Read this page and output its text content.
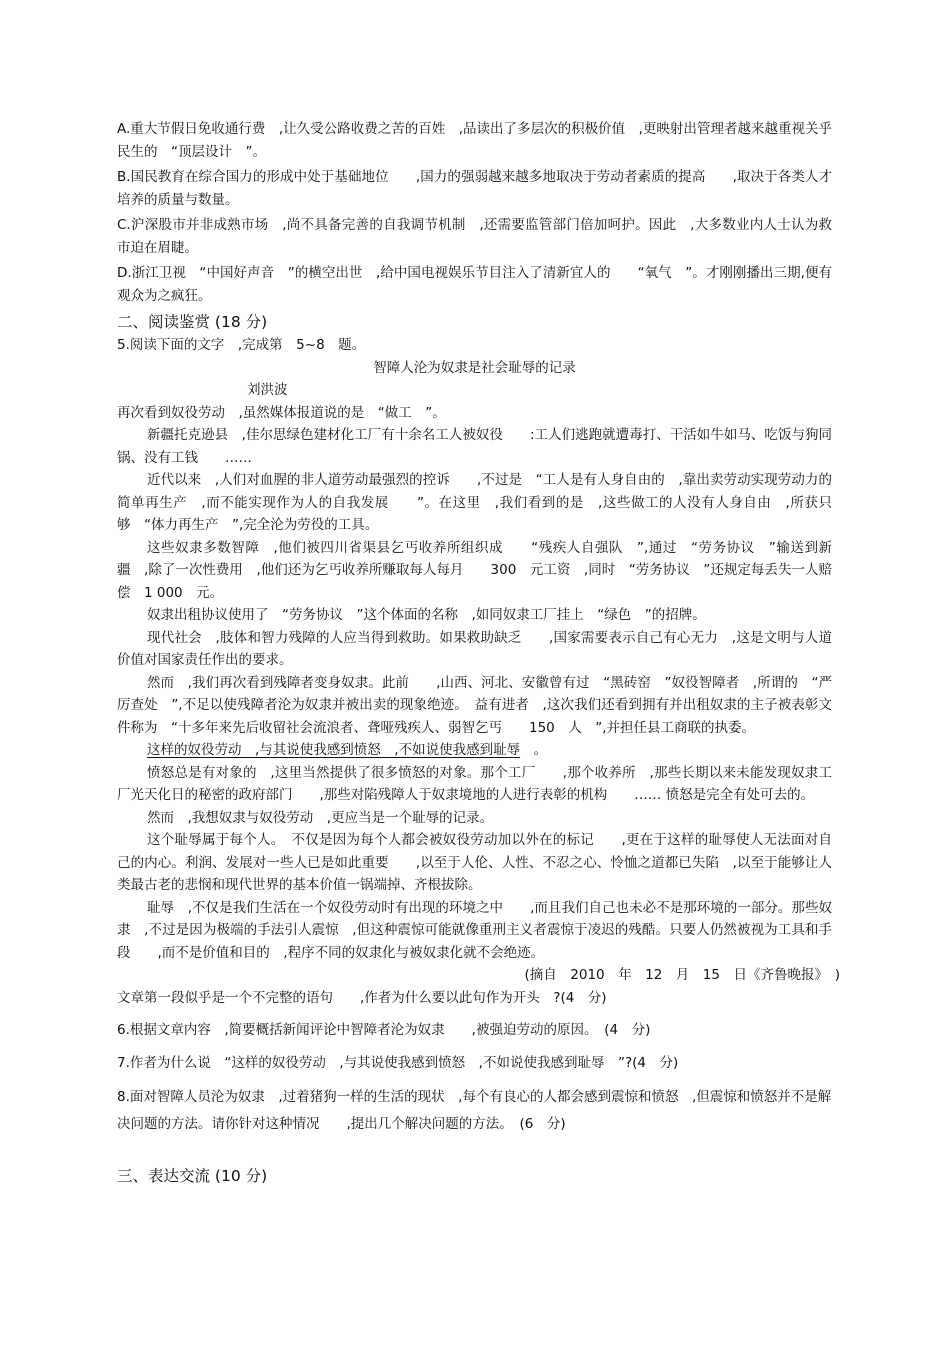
A.重大节假日免收通行费　,让久受公路收费之苦的百姓　,品读出了多层次的积极价值　,更映射出管理者越来越重视关乎民生的　“顶层设计　”。

B.国民教育在综合国力的形成中处于基础地位　　,国力的强弱越来越多地取决于劳动者素质的提高　　,取决于各类人才培养的质量与数量。

C.沪深股市并非成熟市场　,尚不具备完善的自我调节机制　,还需要监管部门倍加呵护。因此　,大多数业内人士认为救市迫在眉睫。

D.浙江卫视　“中国好声音　”的横空出世　,给中国电视娱乐节目注入了清新宜人的　　“氧气　”。才刚刚播出三期,便有观众为之疯狂。

二、阅读鉴赏 (18 分)

5.阅读下面的文字　,完成第　5~8　题。

智障人沦为奴隶是社会耻辱的记录

刘洪波

再次看到奴役劳动　,虽然媒体报道说的是　“做工　”。

新疆托克逊县　,佳尔思绿色建材化工厂有十余名工人被奴役　　:工人们逃跑就遭毒打、干活如牛如马、吃饭与狗同锅、没有工钱　　……

近代以来　,人们对血腥的非人道劳动最强烈的控诉　　,不过是　“工人是有人身自由的　,靠出卖劳动实现劳动力的简单再生产　,而不能实现作为人的自我发展　　”。在这里　,我们看到的是　,这些做工的人没有人身自由　,所获只够　“体力再生产　”,完全沦为劳役的工具。

这些奴隶多数智障　,他们被四川省渠县乞丐收养所组织成　　“残疾人自强队　”,通过　“劳务协议　”输送到新疆　,除了一次性费用　,他们还为乞丐收养所赚取每人每月　　300　元工资　,同时　“劳务协议　”还规定每丢失一人赔偿　1 000　元。

奴隶出租协议使用了　“劳务协议　”这个体面的名称　,如同奴隶工厂挂上　“绿色　”的招牌。

现代社会　,肢体和智力残障的人应当得到救助。如果救助缺乏　　,国家需要表示自己有心无力　,这是文明与人道价值对国家责任作出的要求。

然而　,我们再次看到残障者变身奴隶。此前　　,山西、河北、安徽曾有过　“黑砖窑　”奴役智障者　,所谓的　“严厉查处　”,不足以使残障者沦为奴隶并被出卖的现象绝迹。　益有进者　,这次我们还看到拥有并出租奴隶的主子被表彰文件称为　“十多年来先后收留社会流浪者、聋哑残疾人、弱智乞丐　　150　人　”,并担任县工商联的执委。

这样的奴役劳动　,与其说使我感到愤怒　,不如说使我感到耻辱　。

愤怒总是有对象的　,这里当然提供了很多愤怒的对象。那个工厂　　,那个收养所　,那些长期以来未能发现奴隶工厂光天化日的秘密的政府部门　　,那些对陷残障人于奴隶境地的人进行表彰的机构　　…… 愤怒是完全有处可去的。

然而　,我想奴隶与奴役劳动　,更应当是一个耻辱的记录。

这个耻辱属于每个人。　不仅是因为每个人都会被奴役劳动加以外在的标记　　,更在于这样的耻辱使人无法面对自己的内心。利润、发展对一些人已是如此重要　　,以至于人伦、人性、不忍之心、怜恤之道都已失陷　,以至于能够让人类最古老的悲悯和现代世界的基本价值一锅端掉、齐根拔除。

耻辱　,不仅是我们生活在一个奴役劳动时有出现的环境之中　　,而且我们自己也未必不是那环境的一部分。那些奴隶　,不过是因为极端的手法引人震惊　,但这种震惊可能就像重刑主义者震惊于凌迟的残酷。只要人仍然被视为工具和手段　　,而不是价值和目的　,程序不同的奴隶化与被奴隶化就不会绝迹。

(摘自　2010　年　12　月　15　日《齐鲁晚报》　)

文章第一段似乎是一个不完整的语句　　,作者为什么要以此句作为开头　?(4　分)

6.根据文章内容　,简要概括新闻评论中智障者沦为奴隶　　,被强迫劳动的原因。　(4　分)

7.作者为什么说　“这样的奴役劳动　,与其说使我感到愤怒　,不如说使我感到耻辱　”?(4　分)

8.面对智障人员沦为奴隶　,过着猪狗一样的生活的现状　,每个有良心的人都会感到震惊和愤怒　,但震惊和愤怒并不是解决问题的方法。请你针对这种情况　　,提出几个解决问题的方法。　(6　分)

三、表达交流 (10 分)
